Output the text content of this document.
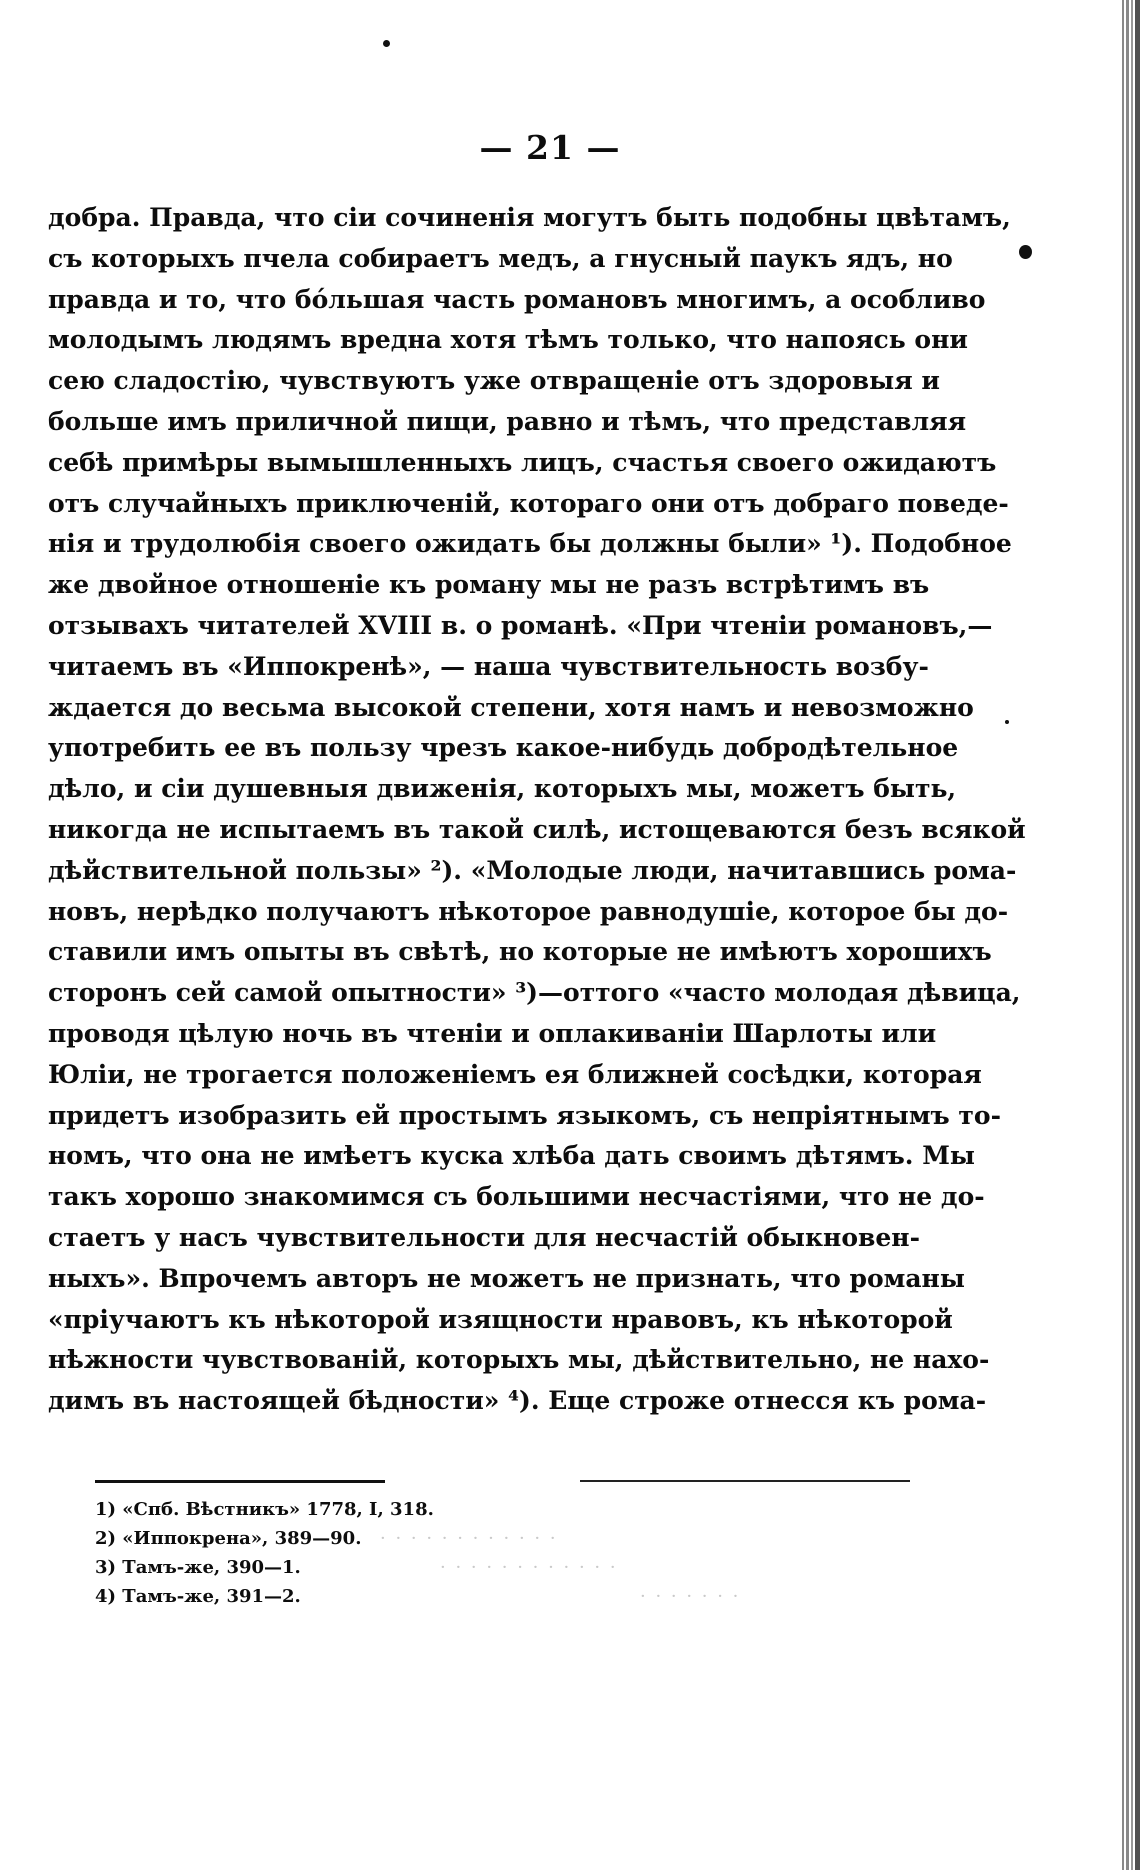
— 21 —
добра. Правда, что сіи сочиненія могутъ быть подобны цвѣтамъ,
съ которыхъ пчела собираетъ медъ, а гнусный паукъ ядъ, но
правда и то, что бóльшая часть романовъ многимъ, а особливо
молодымъ людямъ вредна хотя тѣмъ только, что напоясь они
сею сладостію, чувствуютъ уже отвращеніе отъ здоровыя и
больше имъ приличной пищи, равно и тѣмъ, что представляя
себѣ примѣры вымышленныхъ лицъ, счастья своего ожидаютъ
отъ случайныхъ приключеній, котораго они отъ добраго поведе-
нія и трудолюбія своего ожидать бы должны были» ¹). Подобное
же двойное отношеніе къ роману мы не разъ встрѣтимъ въ
отзывахъ читателей XVIII в. о романѣ. «При чтеніи романовъ,—
читаемъ въ «Иппокренѣ», — наша чувствительность возбу-
ждается до весьма высокой степени, хотя намъ и невозможно
употребить ее въ пользу чрезъ какое-нибудь добродѣтельное
дѣло, и сіи душевныя движенія, которыхъ мы, можетъ быть,
никогда не испытаемъ въ такой силѣ, истощеваются безъ всякой
дѣйствительной пользы» ²). «Молодые люди, начитавшись рома-
новъ, нерѣдко получаютъ нѣкоторое равнодушіе, которое бы до-
ставили имъ опыты въ свѣтѣ, но которые не имѣютъ хорошихъ
сторонъ сей самой опытности» ³)—оттого «часто молодая дѣвица,
проводя цѣлую ночь въ чтеніи и оплакиваніи Шарлоты или
Юліи, не трогается положеніемъ ея ближней сосѣдки, которая
придетъ изобразить ей простымъ языкомъ, съ непріятнымъ то-
номъ, что она не имѣетъ куска хлѣба дать своимъ дѣтямъ. Мы
такъ хорошо знакомимся съ большими несчастіями, что не до-
стаетъ у насъ чувствительности для несчастій обыкновен-
ныхъ». Впрочемъ авторъ не можетъ не признать, что романы
«пріучаютъ къ нѣкоторой изящности нравовъ, къ нѣкоторой
нѣжности чувствованій, которыхъ мы, дѣйствительно, не нахо-
димъ въ настоящей бѣдности» ⁴). Еще строже отнесся къ рома-
1) «Спб. Вѣстникъ» 1778, I, 318.
2) «Иппокрена», 389—90.
3) Тамъ-же, 390—1.
4) Тамъ-же, 391—2.
· · · · · · · · · · · ·
· · · · · · · · · · · ·
· · · · · · ·
